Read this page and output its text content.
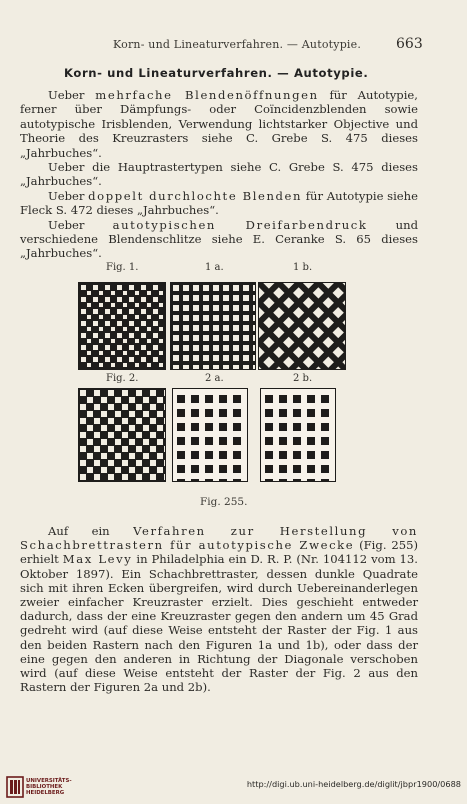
Korn- und Lineaturverfahren. — Autotypie. 663
Korn- und Lineaturverfahren. — Autotypie.

Ueber mehrfache Blendenöffnungen für Autotypie, ferner über Dämpfungs- oder Coïncidenzblenden sowie autotypische Irisblenden, Verwendung lichtstarker Objective und Theorie des Kreuzrasters siehe C. Grebe S. 475 dieses „Jahrbuches“.

Ueber die Hauptrastertypen siehe C. Grebe S. 475 dieses „Jahrbuches“.

Ueber doppelt durchlochte Blenden für Autotypie siehe Fleck S. 472 dieses „Jahrbuches“.

Ueber autotypischen Dreifarbendruck und verschiedene Blendenschlitze siehe E. Ceranke S. 65 dieses „Jahrbuches“.

Fig. 1.	1 a.	1 b.
Fig. 2.	2 a.	2 b.
Fig. 255.

Auf ein Verfahren zur Herstellung von Schachbrettrastern für autotypische Zwecke (Fig. 255) erhielt Max Levy in Philadelphia ein D. R. P. (Nr. 104112 vom 13. Oktober 1897). Ein Schachbrettraster, dessen dunkle Quadrate sich mit ihren Ecken übergreifen, wird durch Uebereinanderlegen zweier einfacher Kreuzraster erzielt. Dies geschieht entweder dadurch, dass der eine Kreuzraster gegen den andern um 45 Grad gedreht wird (auf diese Weise entsteht der Raster der Fig. 1 aus den beiden Rastern nach den Figuren 1a und 1b), oder dass der eine gegen den anderen in Richtung der Diagonale verschoben wird (auf diese Weise entsteht der Raster der Fig. 2 aus den Rastern der Figuren 2a und 2b).

UNIVERSITÄTS-
BIBLIOTHEK
HEIDELBERG
http://digi.ub.uni-heidelberg.de/diglit/jbpr1900/0688
